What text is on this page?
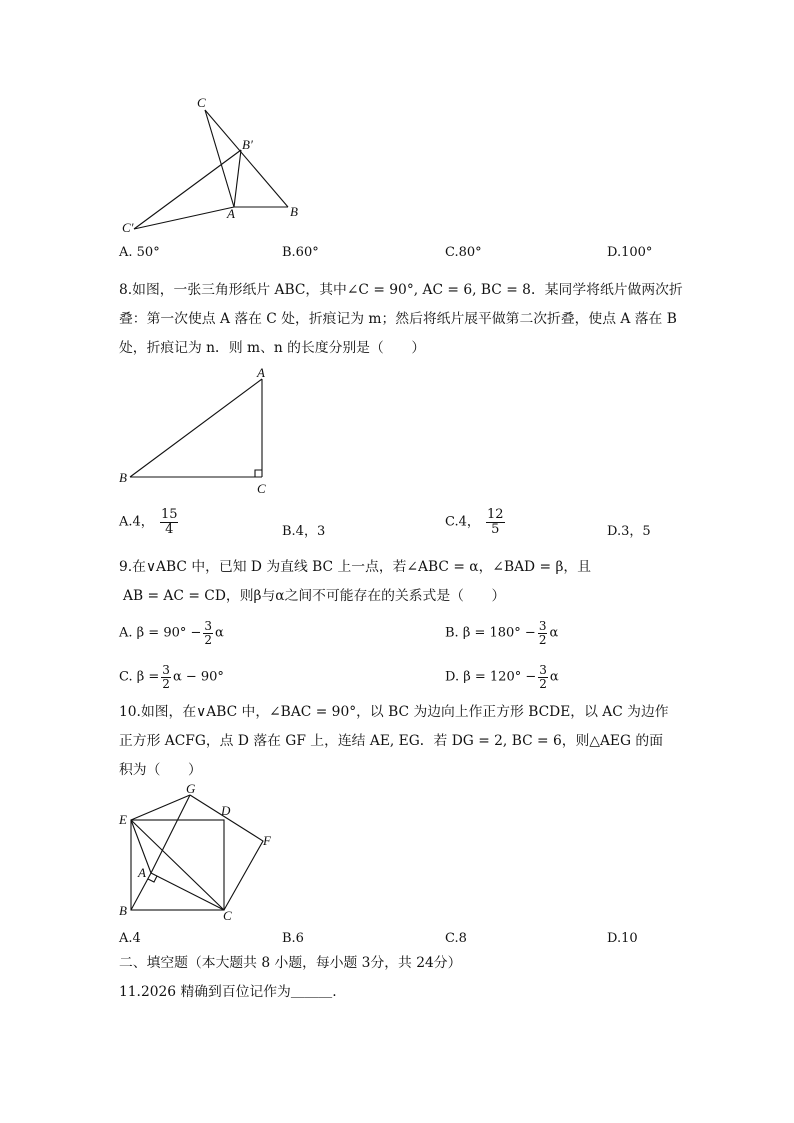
C
B′
A	B
C′
A. 50°	B.60°	C.80°	D.100°
8.如图，一张三角形纸片 ABC，其中∠C = 90°, AC = 6, BC = 8．某同学将纸片做两次折
叠：第一次使点 A 落在 C 处，折痕记为 m；然后将纸片展平做第二次折叠，使点 A 落在 B
处，折痕记为 n．则 m、n 的长度分别是（　　）
A
B
C
A.4， $\frac{15}{4}$	B.4，3
C.4， $\frac{12}{5}$	D.3，5
9.在∨ABC 中，已知 D 为直线 BC 上一点，若∠ABC = α，∠BAD = β，且
AB = AC = CD，则β与α之间不可能存在的关系式是（　　）
A. $\beta = 90^\circ - \frac{3}{2}$ α	B. $\beta = 180^\circ - \frac{3}{2}$ α
C. $\beta = \frac{3}{2}$ α − 90°	D. $\beta = 120^\circ - \frac{3}{2}$ α
10.如图，在∨ABC 中，∠BAC = 90°，以 BC 为边向上作正方形 BCDE，以 AC 为边作
正方形 ACFG，点 D 落在 GF 上，连结 AE, EG．若 DG = 2, BC = 6，则△AEG 的面
积为（　　）
E
G
D
F
A
B	C
A.4	B.6	C.8	D.10
二、填空题（本大题共 8 小题，每小题 3分，共 24分）
11.2026 精确到百位记作为＿＿＿.
